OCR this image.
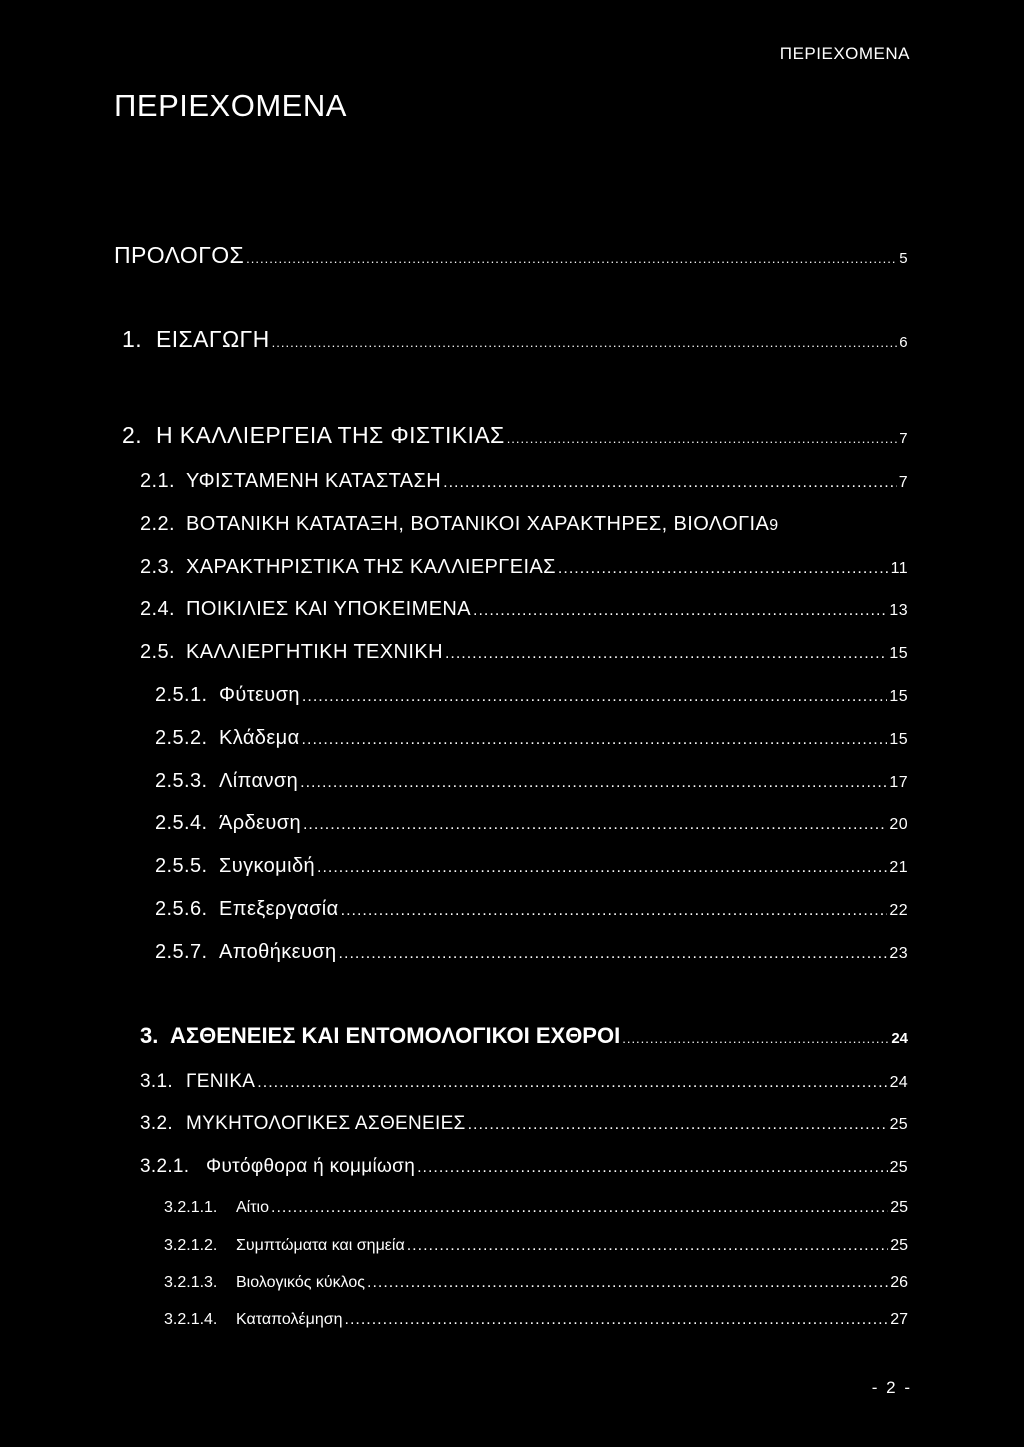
ΠΕΡΙΕΧΟΜΕΝΑ
ΠΕΡΙΕΧΟΜΕΝΑ
ΠΡΟΛΟΓΟΣ .....	5
1. ΕΙΣΑΓΩΓΗ .....	6
2. Η ΚΑΛΛΙΕΡΓΕΙΑ ΤΗΣ ΦΙΣΤΙΚΙΑΣ .....	7
2.1. ΥΦΙΣΤΑΜΕΝΗ ΚΑΤΑΣΤΑΣΗ .....	7
2.2. ΒΟΤΑΝΙΚΗ ΚΑΤΑΤΑΞΗ, ΒΟΤΑΝΙΚΟΙ ΧΑΡΑΚΤΗΡΕΣ, ΒΙΟΛΟΓΙΑ 9
2.3. ΧΑΡΑΚΤΗΡΙΣΤΙΚΑ ΤΗΣ ΚΑΛΛΙΕΡΓΕΙΑΣ .....	11
2.4. ΠΟΙΚΙΛΙΕΣ ΚΑΙ ΥΠΟΚΕΙΜΕΝΑ .....	13
2.5. ΚΑΛΛΙΕΡΓΗΤΙΚΗ ΤΕΧΝΙΚΗ .....	15
2.5.1. Φύτευση .....	15
2.5.2. Κλάδεμα .....	15
2.5.3. Λίπανση .....	17
2.5.4. Άρδευση .....	20
2.5.5. Συγκομιδή .....	21
2.5.6. Επεξεργασία .....	22
2.5.7. Αποθήκευση .....	23
3. ΑΣΘΕΝΕΙΕΣ ΚΑΙ ΕΝΤΟΜΟΛΟΓΙΚΟΙ ΕΧΘΡΟΙ .....	24
3.1. ΓΕΝΙΚΑ .....	24
3.2. ΜΥΚΗΤΟΛΟΓΙΚΕΣ ΑΣΘΕΝΕΙΕΣ .....	25
3.2.1. Φυτόφθορα ή κομμίωση .....	25
3.2.1.1.	Αίτιο .....	25
3.2.1.2.	Συμπτώματα και σημεία .....	25
3.2.1.3.	Βιολογικός κύκλος .....	26
3.2.1.4.	Καταπολέμηση .....	27
- 2 -
